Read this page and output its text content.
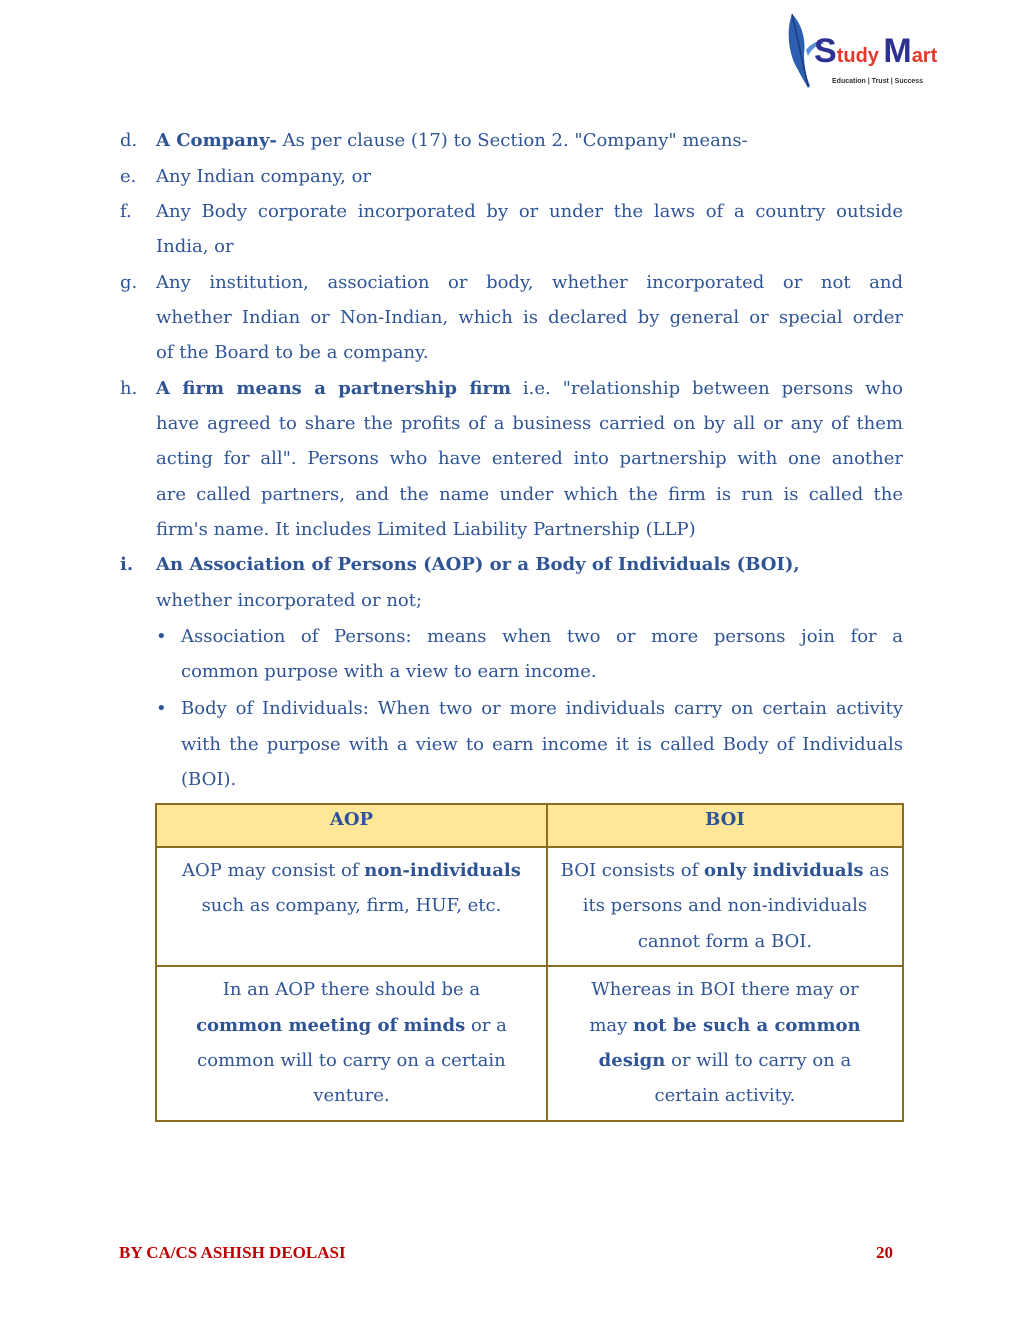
Study Mart
Education | Trust | Success
d. A Company- As per clause (17) to Section 2. "Company" means-
e. Any Indian company, or
f. Any Body corporate incorporated by or under the laws of a country outside
India, or
g. Any institution, association or body, whether incorporated or not and
whether Indian or Non-Indian, which is declared by general or special order
of the Board to be a company.
h. A firm means a partnership firm i.e. "relationship between persons who
have agreed to share the profits of a business carried on by all or any of them
acting for all". Persons who have entered into partnership with one another
are called partners, and the name under which the firm is run is called the
firm's name. It includes Limited Liability Partnership (LLP)
i. An Association of Persons (AOP) or a Body of Individuals (BOI),
whether incorporated or not;
• Association of Persons: means when two or more persons join for a
common purpose with a view to earn income.
• Body of Individuals: When two or more individuals carry on certain activity
with the purpose with a view to earn income it is called Body of Individuals
(BOI).
AOP	BOI
AOP may consist of non-individuals such as company, firm, HUF, etc.	BOI consists of only individuals as its persons and non-individuals cannot form a BOI.
In an AOP there should be a common meeting of minds or a common will to carry on a certain venture.	Whereas in BOI there may or may not be such a common design or will to carry on a certain activity.
BY CA/CS ASHISH DEOLASI	20
